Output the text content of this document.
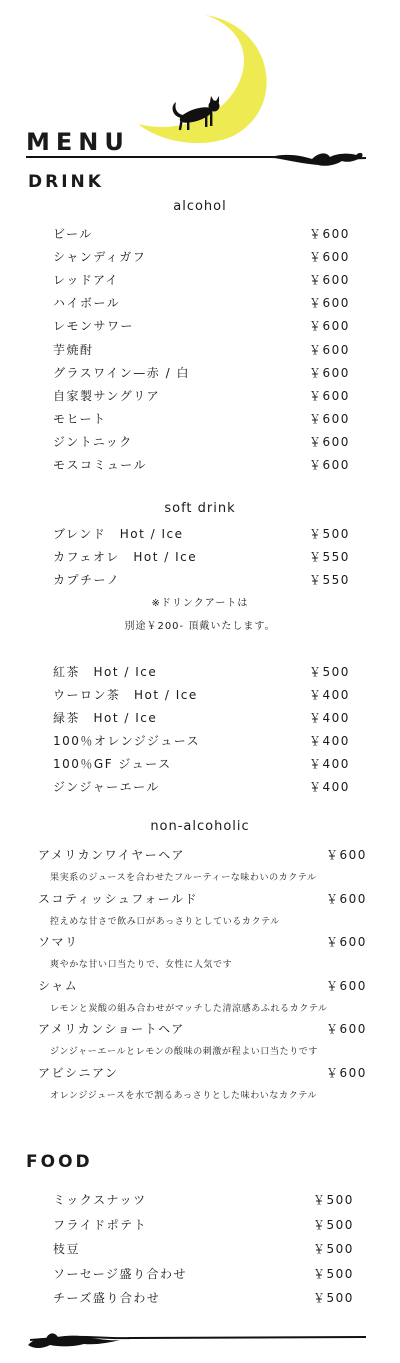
MENU
DRINK
alcohol
ビール	￥600
シャンディガフ	￥600
レッドアイ	￥600
ハイボール	￥600
レモンサワー	￥600
芋焼酎	￥600
グラスワイン—赤 / 白	￥600
自家製サングリア	￥600
モヒート	￥600
ジントニック	￥600
モスコミュール	￥600
soft drink
ブレンド　Hot / Ice	￥500
カフェオレ　Hot / Ice	￥550
カプチーノ	￥550
※ドリンクアートは
別途￥200- 頂戴いたします。
紅茶　Hot / Ice	￥500
ウーロン茶　Hot / Ice	￥400
緑茶　Hot / Ice	￥400
100％オレンジジュース	￥400
100％GF ジュース	￥400
ジンジャーエール	￥400
non-alcoholic
アメリカンワイヤーヘア	￥600
果実系のジュースを合わせたフルーティーな味わいのカクテル
スコティッシュフォールド	￥600
控えめな甘さで飲み口があっさりとしているカクテル
ソマリ	￥600
爽やかな甘い口当たりで、女性に人気です
シャム	￥600
レモンと炭酸の組み合わせがマッチした清涼感あふれるカクテル
アメリカンショートヘア	￥600
ジンジャーエールとレモンの酸味の刺激が程よい口当たりです
アビシニアン	￥600
オレンジジュースを水で割るあっさりとした味わいなカクテル
FOOD
ミックスナッツ	￥500
フライドポテト	￥500
枝豆	￥500
ソーセージ盛り合わせ	￥500
チーズ盛り合わせ	￥500
